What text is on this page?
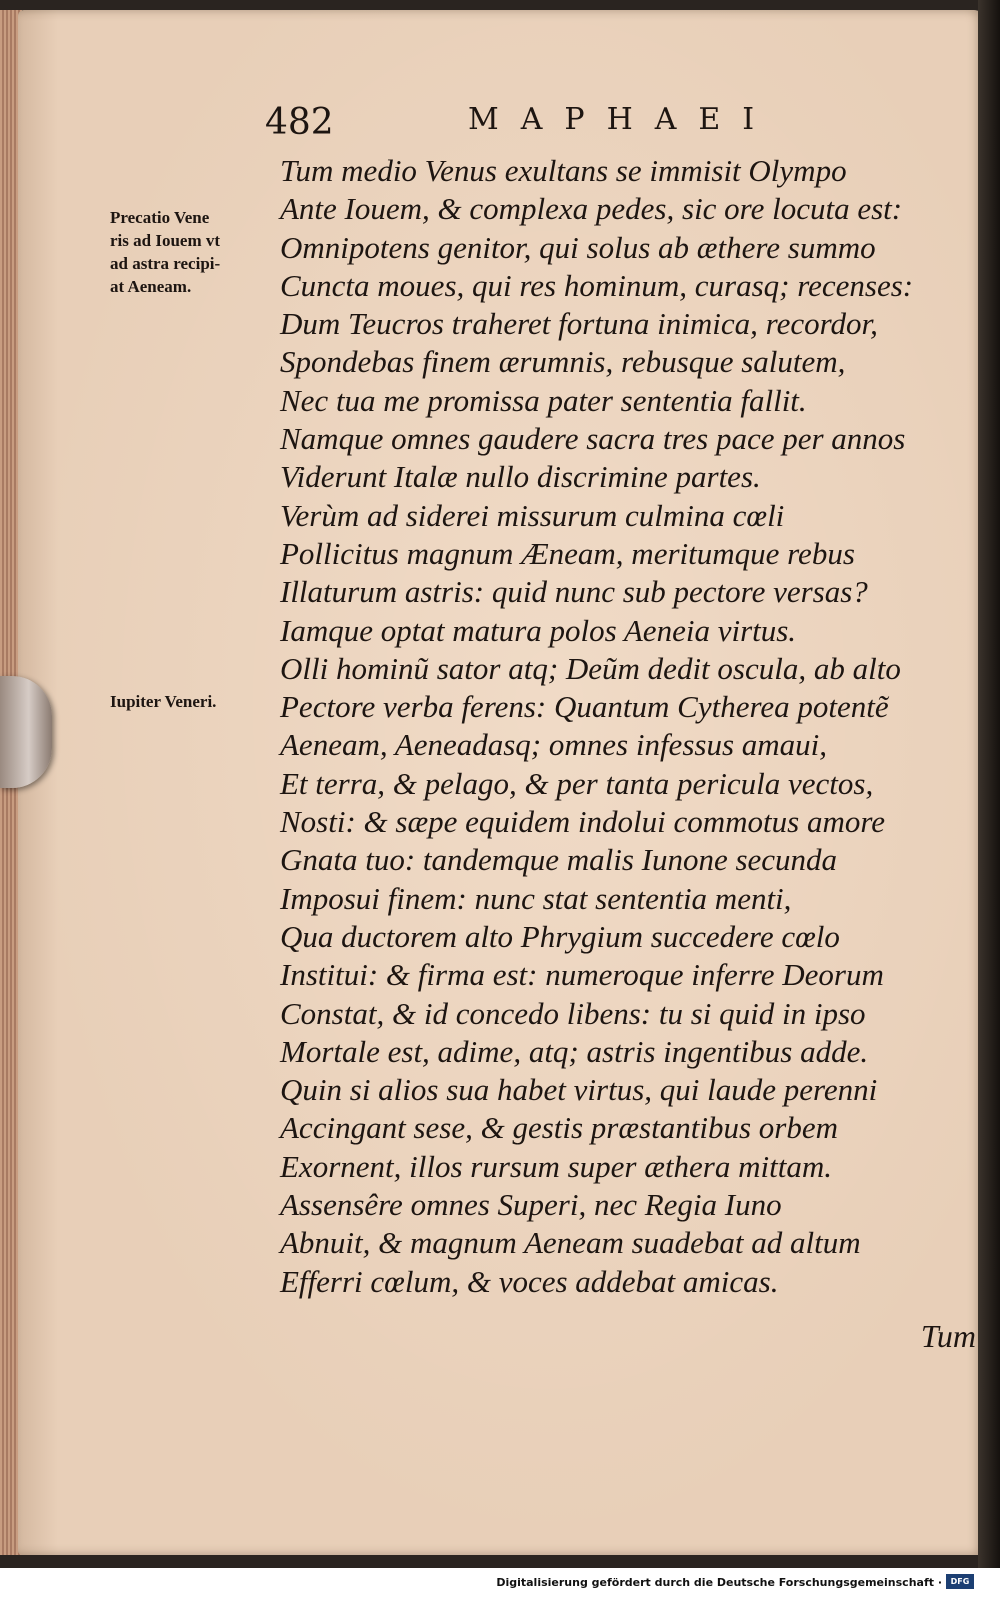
482	MAPHAEI
Precatio Vene
ris ad Iouem vt
ad astra recipi-
at Aeneam.
Iupiter Veneri.
Tum medio Venus exultans se immisit Olympo
Ante Iouem, & complexa pedes, sic ore locuta est:
Omnipotens genitor, qui solus ab æthere summo
Cuncta moues, qui res hominum, curasq; recenses:
Dum Teucros traheret fortuna inimica, recordor,
Spondebas finem ærumnis, rebusque salutem,
Nec tua me promissa pater sententia fallit.
Namque omnes gaudere sacra tres pace per annos
Viderunt Italæ nullo discrimine partes.
Verùm ad siderei missurum culmina cœli
Pollicitus magnum Æneam, meritumque rebus
Illaturum astris: quid nunc sub pectore versas?
Iamque optat matura polos Aeneia virtus.
Olli hominũ sator atq; Deũm dedit oscula, ab alto
Pectore verba ferens: Quantum Cytherea potentẽ
Aeneam, Aeneadasq; omnes infessus amaui,
Et terra, & pelago, & per tanta pericula vectos,
Nosti: & sæpe equidem indolui commotus amore
Gnata tuo: tandemque malis Iunone secunda
Imposui finem: nunc stat sententia menti,
Qua ductorem alto Phrygium succedere cœlo
Institui: & firma est: numeroque inferre Deorum
Constat, & id concedo libens: tu si quid in ipso
Mortale est, adime, atq; astris ingentibus adde.
Quin si alios sua habet virtus, qui laude perenni
Accingant sese, & gestis præstantibus orbem
Exornent, illos rursum super æthera mittam.
Assensêre omnes Superi, nec Regia Iuno
Abnuit, & magnum Aeneam suadebat ad altum
Efferri cœlum, & voces addebat amicas.
Tum
Digitalisierung gefördert durch die Deutsche Forschungsgemeinschaft ·	DFG
